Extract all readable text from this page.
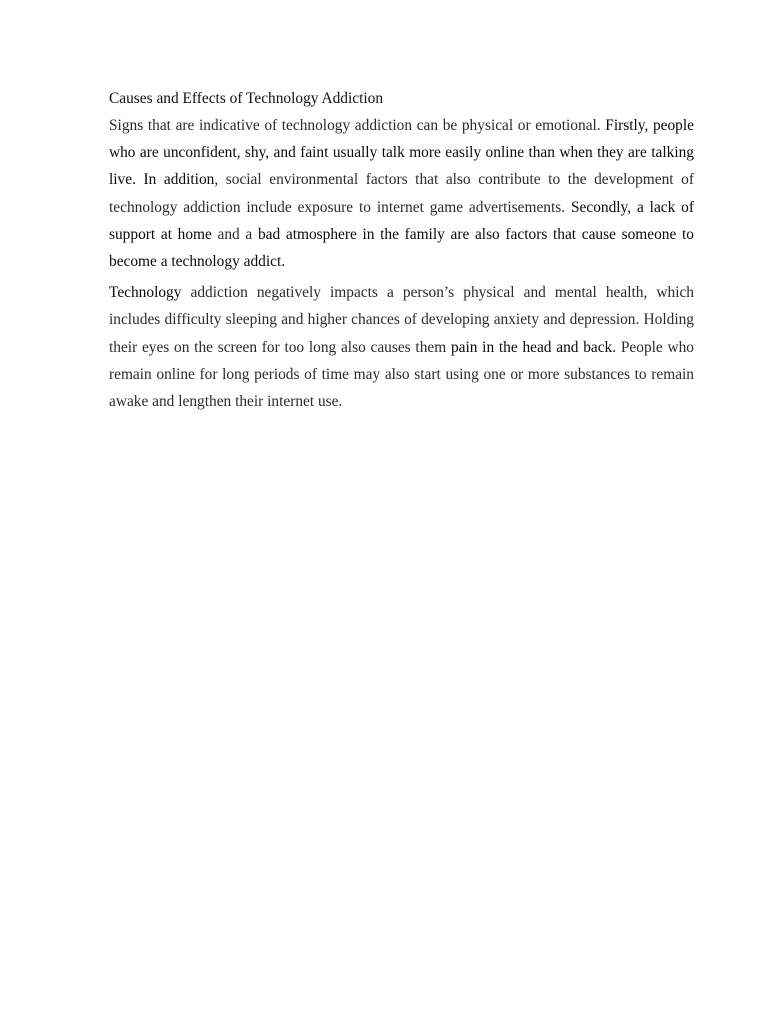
Causes and Effects of Technology Addiction

Signs that are indicative of technology addiction can be physical or emotional. Firstly, people who are unconfident, shy, and faint usually talk more easily online than when they are talking live. In addition, social environmental factors that also contribute to the development of technology addiction include exposure to internet game advertisements. Secondly, a lack of support at home and a bad atmosphere in the family are also factors that cause someone to become a technology addict.

Technology addiction negatively impacts a person’s physical and mental health, which includes difficulty sleeping and higher chances of developing anxiety and depression. Holding their eyes on the screen for too long also causes them pain in the head and back. People who remain online for long periods of time may also start using one or more substances to remain awake and lengthen their internet use.
